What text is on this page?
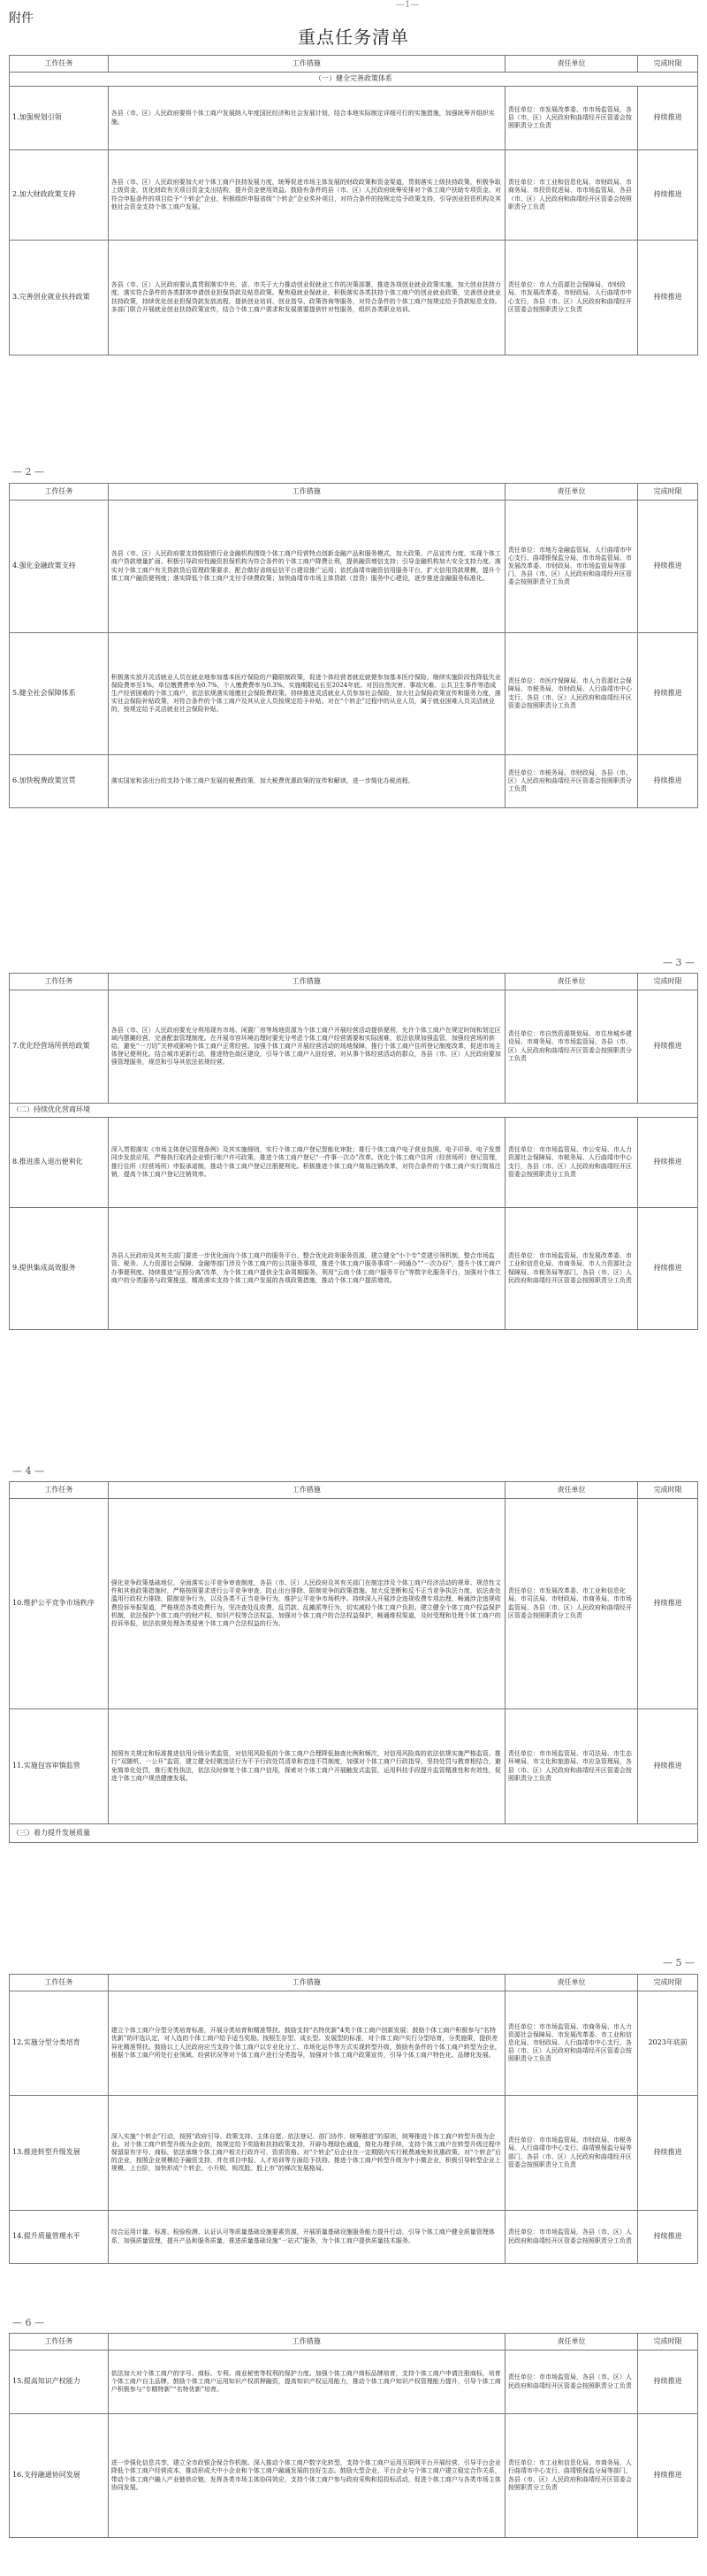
—1—
附件
重点任务清单
工作任务	工作措施	责任单位	完成时限
（一）健全完善政策体系			
1.加强规划引领	各县（市、区）人民政府要将个体工商户发展纳入年度国民经济和社会发展计划，结合本地实际制定详细可行的实施措施，加强统筹并组织实施。	责任单位：市发展改革委、市市场监管局，各县（市、区）人民政府和曲靖经开区管委会按照职责分工负责	持续推进
2.加大财政政策支持	各县（市、区）人民政府要加大对个体工商户扶持发展力度，统筹促进市场主体发展的财政政策和资金渠道，贯彻落实上级扶持政策，积极争取上级资金，优化财政有关项目资金支出结构，提升资金使用效益。鼓励有条件的县（市、区）人民政府统筹安排对个体工商户扶助专项资金。对符合申报条件的项目给予“个转企”企业，积极组织申报省级“个转企”企业奖补项目，对符合条件的按规定给予政策支持，引导创业投资机构及其他社会资金支持个体工商户发展。	责任单位：市工业和信息化局、市财政局、市商务局、市投资促进局、市市场监管局，各县（市、区）人民政府和曲靖经开区管委会按照职责分工负责	持续推进
3.完善创业就业扶持政策	各县（市、区）人民政府要认真贯彻落实中央、省、市关于大力推动创业促就业工作的决策部署，推进各项创业就业政策实施，加大创业扶持力度，落实符合条件的各类群体申请创业担保贷款及贴息政策。聚焦稳就业保就业，积极落实各类扶持个体工商户的创业就业政策，完善创业就业扶持政策，持续优化创业担保贷款发放流程，提供创业培训、创业指导、政策咨询等服务，对符合条件的个体工商户按规定给予贷款贴息支持。多部门联合开展就业创业扶持政策宣传，结合个体工商户需求和发展需要提供针对性服务，组织各类职业培训。	责任单位：市人力资源社会保障局、市财政局、市发展改革委、市财政局、人行曲靖市中心支行，各县（市、区）人民政府和曲靖经开区管委会按照职责分工负责	持续推进
— 2 —
工作任务	工作措施	责任单位	完成时限
4.强化金融政策支持	各县（市、区）人民政府要支持鼓励银行业金融机构围绕个体工商户经营特点创新金融产品和服务模式，加大政策、产品宣传力度，实现个体工商户贷款增量扩面。积极引导政府性融资担保机构为符合条件的个体工商户降费让利，提供融资增信支持；引导金融机构加大安全支持力度。落实对个体工商户有关贷款贷后管理政策要求，配合做好省级征信平台建设推广运用；依托曲靖市融资信用服务平台，扩大信用贷款规模，提升个体工商户融资便利度；落实降低个体工商户支付手续费政策；加快曲靖市市场主体贷款（首贷）服务中心建设，逐步推进金融服务标准化。	责任单位：市地方金融监管局、人行曲靖市中心支行、曲靖银保监分局、市市场监管局、市发展改革委、市财政局、市市场监管局等部门，各县（市、区）人民政府和曲靖经开区管委会按照职责分工负责	持续推进
5.健全社会保障体系	积极落实放开灵活就业人员在就业地参加基本医疗保险的户籍限制政策，促进个体经营者就近就便参加基本医疗保险，继续实施阶段性降低失业保险费率至1%。单位缴费费率为0.7%，个人缴费费率为0.3%。实施期限延长至2024年底。对因自然灾害、事故灾难、公共卫生事件等造成生产经营困难的个体工商户，依法依规落实缓缴社会保险费政策。持续推进灵活就业人员参加社会保险，加大社会保险政策宣传和服务力度，落实社会保险补贴政策，对符合条件的个体工商户及其从业人员按规定给予补贴。对在“个转企”过程中的从业人员，属于就业困难人员灵活就业的，按规定给予灵活就业社会保险补贴。	责任单位：市医疗保障局、市人力资源社会保障局、市税务局、市财政局、人行曲靖市中心支行，各县（市、区）人民政府和曲靖经开区管委会按照职责分工负责	持续推进
6.加快税费政策宣贯	落实国家和省出台的支持个体工商户发展的税费政策，加大税费优惠政策的宣传和解读，进一步简化办税流程。	责任单位：市税务局、市财政局，各县（市、区）人民政府和曲靖经开区管委会按照职责分工负责	持续推进
— 3 —
工作任务	工作措施	责任单位	完成时限
7.优化经营场所供给政策	各县（市、区）人民政府要充分利用现有市场、闲置厂房等场地资源为个体工商户开展经营活动提供便利，允许个体工商户在规定时间和划定区域内摆摊经营，完善配套管理制度。在开展市容环境治理时要充分考虑个体工商户经营需要和实际困难，依法依规加强监管，加强经营场所供给，避免“一刀切”关停或影响个体工商户正常经营。加强个体工商户开展经营活动的场地保障，推行个体工商户住所登记制度改革，促进市场主体登记便利化。结合城市更新行动，推进特色街区建设，引导个体工商户入驻经营。对从事个体经营活动的群众，各县（市、区）人民政府要加强管理服务，规范和引导其依法依规经营。	责任单位：市自然资源规划局、市住房城乡建设局、市商务局、市市场监管局，各县（市、区）人民政府和曲靖经开区管委会按照职责分工负责	持续推进
（二）持续优化营商环境			
8.推进准入退出便利化	深入贯彻落实《市场主体登记管理条例》及其实施细则，实行个体工商户登记智能化审批；推行个体工商户电子营业执照、电子印章、电子发票同步发放应用，严格执行取消企业银行账户许可政策，推进个体工商户登记“一件事一次办”改革。优化个体工商户住所（经营场所）登记管理，推行住所（经营场所）申报承诺制，推动个体工商户登记注册便利化。积极推进个体工商户简易注销改革，对符合条件的个体工商户实行简易注销，提高个体工商户登记注销效率。	责任单位：市市场监管局、市公安局、市人力资源社会保障局、市税务局、人行曲靖市中心支行，各县（市、区）人民政府和曲靖经开区管委会按照职责分工负责	持续推进
9.提供集成高效服务	各县人民政府及其有关部门要进一步优化面向个体工商户的服务平台，整合优化政务服务资源，建立健全“小个专”党建引领机制，整合市场监管、税务、人力资源社会保障、金融等部门涉及个体工商户的公共服务事项，推进个体工商户服务事项“一网通办”“一次办好”，提升个体工商户办事便利度。持续推进“证照分离”改革，为个体工商户提供全生命周期服务。利用“云南个体工商户服务平台”等数字化服务平台，加强对个体工商户的分类服务与政策推送，精准落实支持个体工商户发展的各项政策措施，推动个体工商户提质增效。	责任单位：市市场监管局、市发展改革委、市工业和信息化局、市商务局、市人力资源社会保障局、市税务局等部门，各县（市、区）人民政府和曲靖经开区管委会按照职责分工负责	持续推进
— 4 —
工作任务	工作措施	责任单位	完成时限
10.维护公平竞争市场秩序	强化竞争政策基础地位，全面落实公平竞争审查制度，各县（市、区）人民政府及其有关部门在制定涉及个体工商户经济活动的规章、规范性文件和其他政策措施时，严格按照要求进行公平竞争审查，防止出台排除、限制竞争的政策措施。加大反垄断和反不正当竞争执法力度，依法查处滥用行政权力排除、限制竞争行为，以及各类不正当竞争行为，维护公平竞争市场秩序。持续深入开展涉企违规收费专项治理，畅通涉企违规收费投诉举报渠道，严格规范各类收费行为，坚决查处乱收费、乱罚款、乱摊派等行为，切实减轻个体工商户负担。建立健全个体工商户权益保护机制，依法保护个体工商户的财产权、知识产权等合法权益，加强对个体工商户的合法权益保护，畅通维权渠道，及时受理和处理个体工商户的投诉举报，依法依规处理各类侵害个体工商户合法权益的行为。	责任单位：市发展改革委、市工业和信息化局、市司法局、市财政局、市商务局、市市场监管局，各县（市、区）人民政府和曲靖经开区管委会按照职责分工负责	持续推进
11.实施包容审慎监管	按照有关规定和标准推进信用分级分类监管，对信用风险低的个体工商户合理降低抽查比例和频次，对信用风险高的依法依规实施严格监管。推行“双随机、一公开”监管，建立健全轻微违法行为不予行政处罚清单和首违不罚制度，加强对个体工商户行政指导，坚持处罚与教育相结合，避免简单化处罚，推行柔性执法，依法及时修复个体工商户信用，探索对个体工商户开展触发式监管，运用科技手段提升监管精准性和有效性，促进个体工商户规范健康发展。	责任单位：市市场监管局、市司法局、市生态环境局、市文化和旅游局、市应急管理局，各县（市、区）人民政府和曲靖经开区管委会按照职责分工负责	持续推进
（三）着力提升发展质量			
— 5 —
工作任务	工作措施	责任单位	完成时限
12.实施分型分类培育	建立个体工商户分型分类培育标准，开展分类培育和精准帮扶。鼓励支持“名特优新”4类个体工商户创新发展；鼓励个体工商户积极参与“名特优新”的评选认定，对入选的个体工商户给予适当奖励。按照生存型、成长型、发展型的标准，对个体工商户实行分型培育，分类施策，提供差异化精准帮扶。鼓励以上人民政府应当支持个体工商户以专业化分工、市场化运作等方式实现转型升级，鼓励有条件的个体工商户转型为企业，根据个体工商户所处行业领域、经营状况等对个体工商户进行分类指导，加强对个体工商户政策宣传，引导个体工商户特色化、品牌化发展。	责任单位：市市场监管局、市商务局、市人力资源社会保障局、市发展改革委、市工业和信息化局、市财政局、人行曲靖市中心支行，各县（市、区）人民政府和曲靖经开区管委会按照职责分工负责	2023年底前
13.推进转型升级发展	深入实施“个转企”行动，按照“政府引导、政策支持、主体自愿、依法登记、部门协作、统筹推进”的原则，统筹推进个体工商户转型升级为企业。对个体工商户转型升级为企业的，按规定给予奖励和扶持政策支持，开辟办理绿色通道，简化办理手续，支持个体工商户在转型升级过程中保留原有字号、商标，依法承继个体工商户相关行政许可、资质资格。对“个转企”后企业在一定期限内实行税费减免和优惠政策。对“个转企”后的企业，按照企业规模给予融资支持，并在项目申报、人才培训等方面给予扶持。推进个体工商户转型升级为中小微企业，积极引导转型企业上规模、上台阶，加快形成“个转企、小升规、规改股、股上市”的梯次发展格局。	责任单位：市市场监管局、市财政局、市税务局、人行曲靖市中心支行、曲靖银保监分局等部门，各县（市、区）人民政府和曲靖经开区管委会按照职责分工负责	持续推进
14.提升质量管理水平	综合运用计量、标准、检验检测、认证认可等质量基础设施要素资源，开展质量基础设施服务能力提升行动，引导个体工商户健全质量管理体系，加强质量管理，提升产品和服务质量，推进质量基础设施“一站式”服务，为个体工商户提供质量技术服务。	责任单位：市市场监管局，各县（市、区）人民政府和曲靖经开区管委会按照职责分工负责	持续推进
— 6 —
工作任务	工作措施	责任单位	完成时限
15.提高知识产权能力	依法加大对个体工商户的字号、商标、专利、商业秘密等权利的保护力度。加强个体工商户商标品牌培育，支持个体工商户申请注册商标，培育个体工商户自主品牌，鼓励个体工商户运用知识产权质押融资，提高知识产权运用能力，推动个体工商户知识产权管理能力提升，引导个体工商户积极参与“专精特新”“名特优新”培育。	责任单位：市市场监管局，各县（市、区）人民政府和曲靖经开区管委会按照职责分工负责	持续推进
16.支持融通协同发展	进一步强化信息共享，建立全市政银企保合作机制。深入推动个体工商户数字化转型，支持个体工商户运用互联网平台开展经营，引导平台企业降低个体工商户经营成本，推动形成大中小企业和个体工商户融通发展的良好生态。鼓励大型企业、平台企业与个体工商户建立稳定合作关系，带动个体工商户融入产业链供应链，发挥各类市场主体协同效应，支持个体工商户参与政府采购和招投标活动，促进个体工商户与各类市场主体协同发展。	责任单位：市工业和信息化局、市商务局、人行曲靖市中心支行、曲靖银保监分局等部门，各县（市、区）人民政府和曲靖经开区管委会按照职责分工负责	持续推进
